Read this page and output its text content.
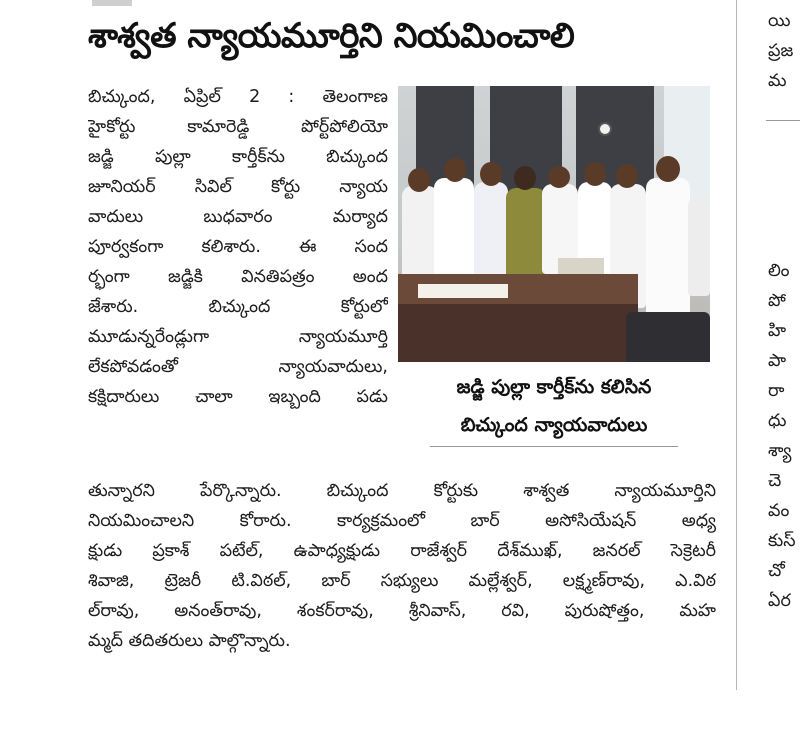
శాశ్వత న్యాయమూర్తిని నియమించాలి
బిచ్కుంద, ఏప్రిల్ 2 : తెలంగాణ
హైకోర్టు కామారెడ్డి పోర్ట్‌పోలియో
జడ్జి పుల్లా కార్తీక్‌ను బిచ్కుంద
జూనియర్ సివిల్ కోర్టు న్యాయ
వాదులు బుధవారం మర్యాద
పూర్వకంగా కలిశారు. ఈ సంద
ర్భంగా జడ్జికి వినతిపత్రం అంద
జేశారు. బిచ్కుంద కోర్టులో
మూడున్నరేండ్లుగా న్యాయమూర్తి
లేకపోవడంతో న్యాయవాదులు,
కక్షిదారులు చాలా ఇబ్బంది పడు	జడ్జి పుల్లా కార్తీక్‌ను కలిసిన
బిచ్కుంద న్యాయవాదులు
తున్నారని పేర్కొన్నారు. బిచ్కుంద కోర్టుకు శాశ్వత న్యాయమూర్తిని
నియమించాలని కోరారు. కార్యక్రమంలో బార్ అసోసియేషన్ అధ్య
క్షుడు ప్రకాశ్ పటేల్, ఉపాధ్యక్షుడు రాజేశ్వర్ దేశ్‌ముఖ్, జనరల్ సెక్రెటరీ
శివాజి, ట్రెజరీ టి.విఠల్, బార్ సభ్యులు మల్లేశ్వర్, లక్ష్మణ్‌రావు, ఎ.విఠ
ల్‌రావు, అనంత్‌రావు, శంకర్‌రావు, శ్రీనివాస్, రవి, పురుషోత్తం, మహ
మ్మద్ తదితరులు పాల్గొన్నారు.
యి
ప్రజ
మ
లిం
పో
హి
పా
రా
ధు
శ్యా
చె
వం
కుస్
చో
ఏర
